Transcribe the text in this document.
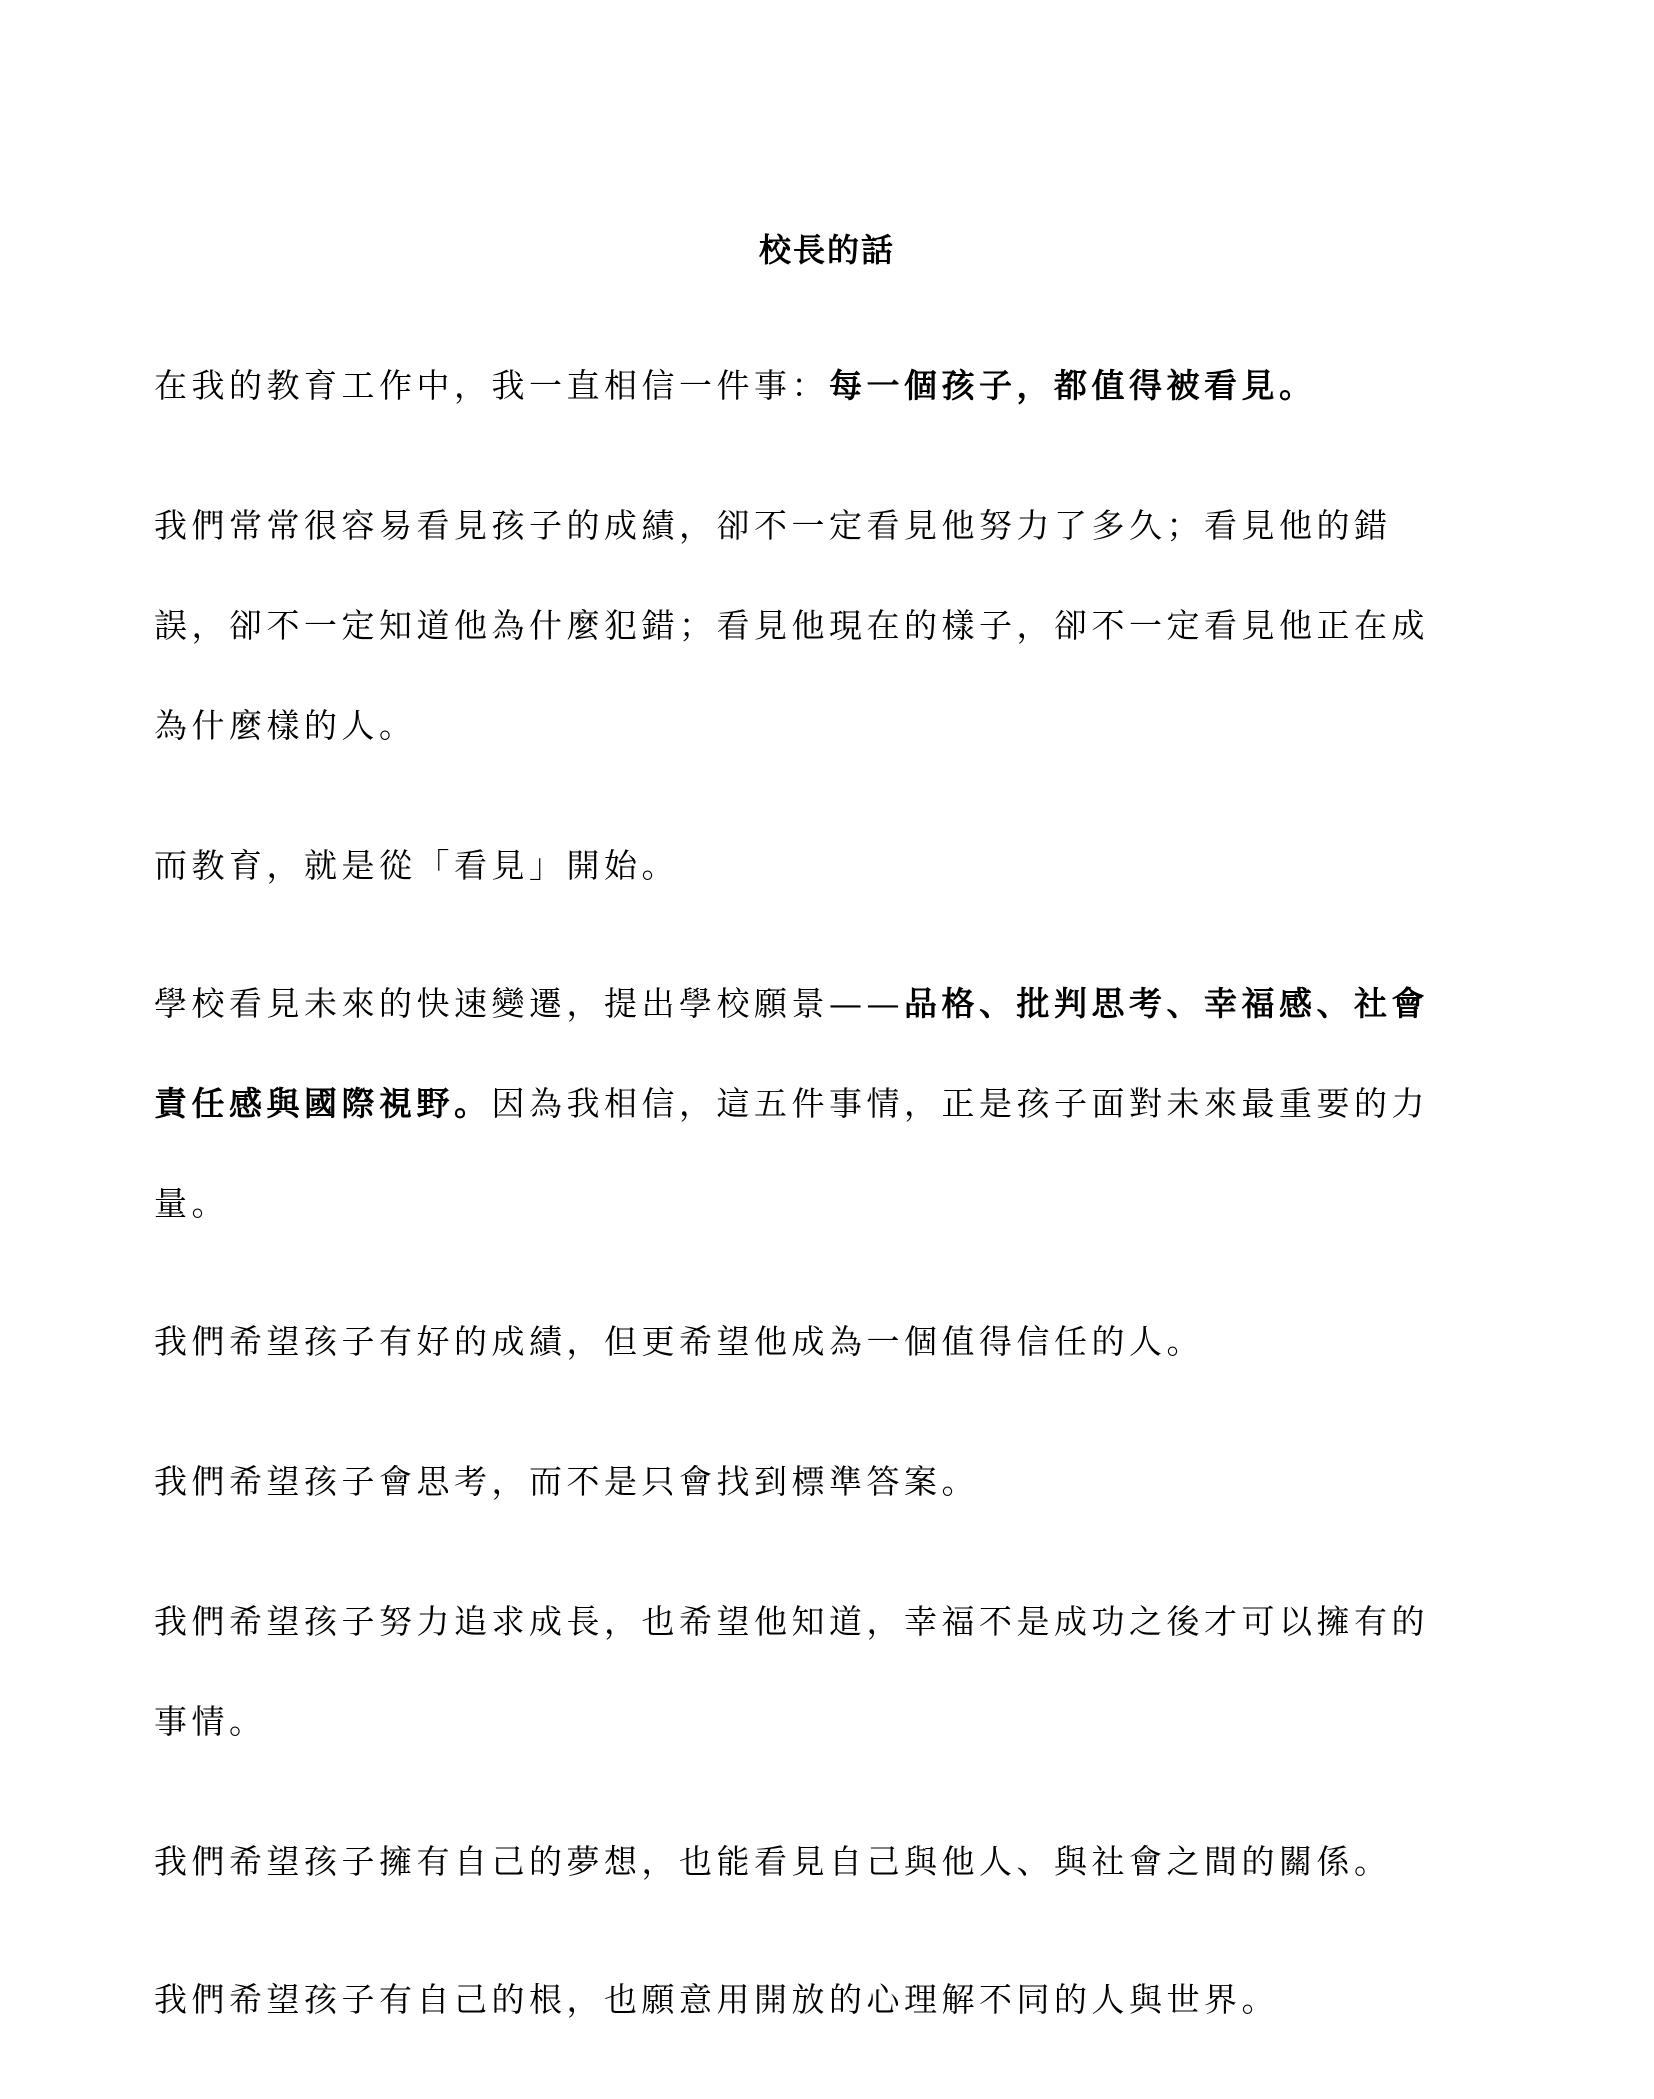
校長的話

在我的教育工作中，我一直相信一件事：每一個孩子，都值得被看見。

我們常常很容易看見孩子的成績，卻不一定看見他努力了多久；看見他的錯
誤，卻不一定知道他為什麼犯錯；看見他現在的樣子，卻不一定看見他正在成
為什麼樣的人。

而教育，就是從「看見」開始。

學校看見未來的快速變遷，提出學校願景——品格、批判思考、幸福感、社會
責任感與國際視野。因為我相信，這五件事情，正是孩子面對未來最重要的力
量。

我們希望孩子有好的成績，但更希望他成為一個值得信任的人。

我們希望孩子會思考，而不是只會找到標準答案。

我們希望孩子努力追求成長，也希望他知道，幸福不是成功之後才可以擁有的
事情。

我們希望孩子擁有自己的夢想，也能看見自己與他人、與社會之間的關係。

我們希望孩子有自己的根，也願意用開放的心理解不同的人與世界。
